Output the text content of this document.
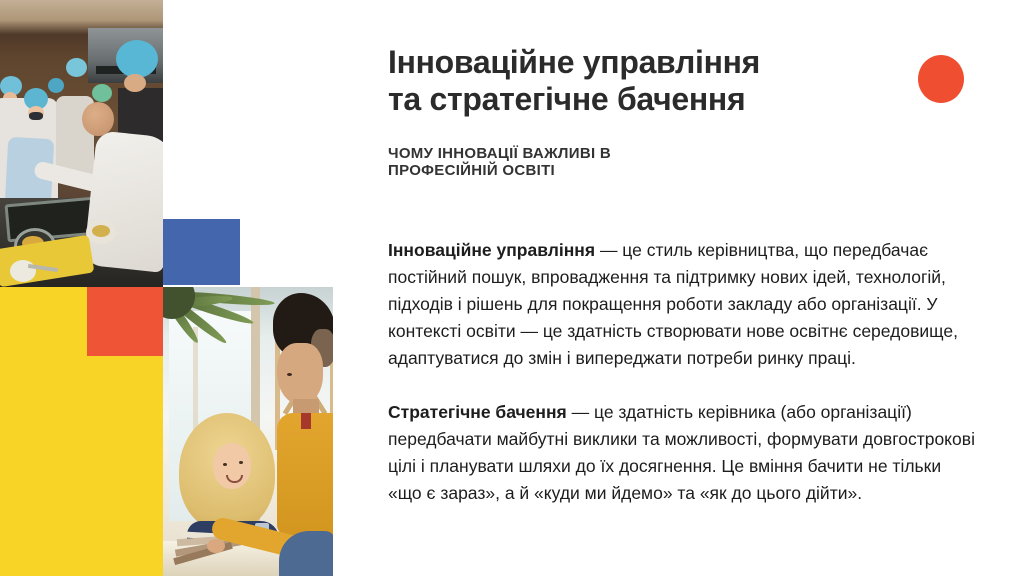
Інноваційне управління
та стратегічне бачення
ЧОМУ ІННОВАЦІЇ ВАЖЛИВІ В
ПРОФЕСІЙНІЙ ОСВІТІ

Інноваційне управління — це стиль керівництва, що передбачає постійний пошук, впровадження та підтримку нових ідей, технологій, підходів і рішень для покращення роботи закладу або організації. У контексті освіти — це здатність створювати нове освітнє середовище, адаптуватися до змін і випереджати потреби ринку праці.

Стратегічне бачення — це здатність керівника (або організації) передбачати майбутні виклики та можливості, формувати довгострокові цілі і планувати шляхи до їх досягнення. Це вміння бачити не тільки «що є зараз», а й «куди ми йдемо» та «як до цього дійти».
